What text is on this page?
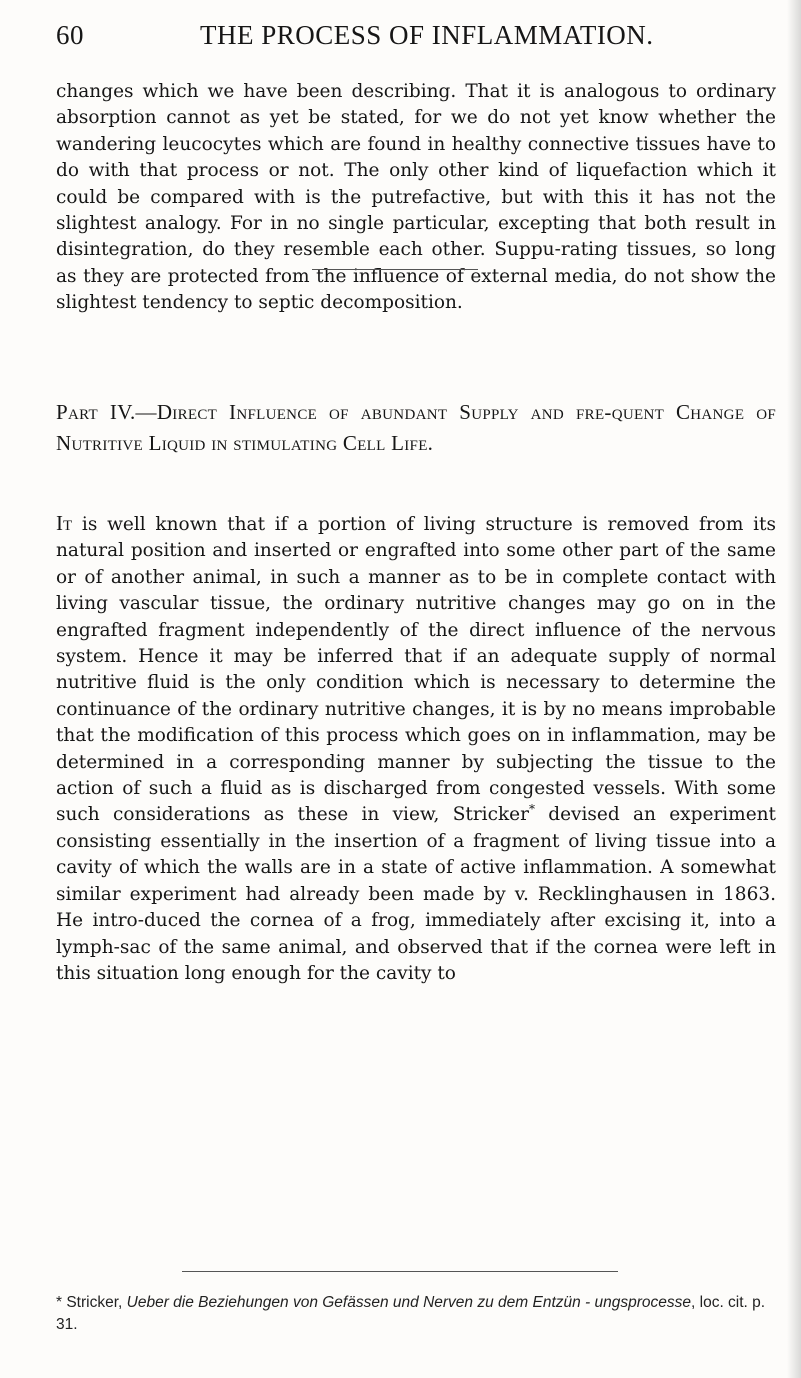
60	THE PROCESS OF INFLAMMATION.

changes which we have been describing. That it is analogous to ordinary absorption cannot as yet be stated, for we do not yet know whether the wandering leucocytes which are found in healthy connective tissues have to do with that process or not. The only other kind of liquefaction which it could be compared with is the putrefactive, but with this it has not the slightest analogy. For in no single particular, excepting that both result in disintegration, do they resemble each other. Suppu-rating tissues, so long as they are protected from the influence of external media, do not show the slightest tendency to septic decomposition.

Part IV.—Direct Influence of abundant Supply and fre-quent Change of Nutritive Liquid in stimulating Cell Life.

It is well known that if a portion of living structure is removed from its natural position and inserted or engrafted into some other part of the same or of another animal, in such a manner as to be in complete contact with living vascular tissue, the ordinary nutritive changes may go on in the engrafted fragment independently of the direct influence of the nervous system. Hence it may be inferred that if an adequate supply of normal nutritive fluid is the only condition which is necessary to determine the continuance of the ordinary nutritive changes, it is by no means improbable that the modification of this process which goes on in inflammation, may be determined in a corresponding manner by subjecting the tissue to the action of such a fluid as is discharged from congested vessels. With some such considerations as these in view, Stricker* devised an experiment consisting essentially in the insertion of a fragment of living tissue into a cavity of which the walls are in a state of active inflammation. A somewhat similar experiment had already been made by v. Recklinghausen in 1863. He intro-duced the cornea of a frog, immediately after excising it, into a lymph-sac of the same animal, and observed that if the cornea were left in this situation long enough for the cavity to

* Stricker, Ueber die Beziehungen von Gefässen und Nerven zu dem Entzün - ungsprocesse, loc. cit. p. 31.
